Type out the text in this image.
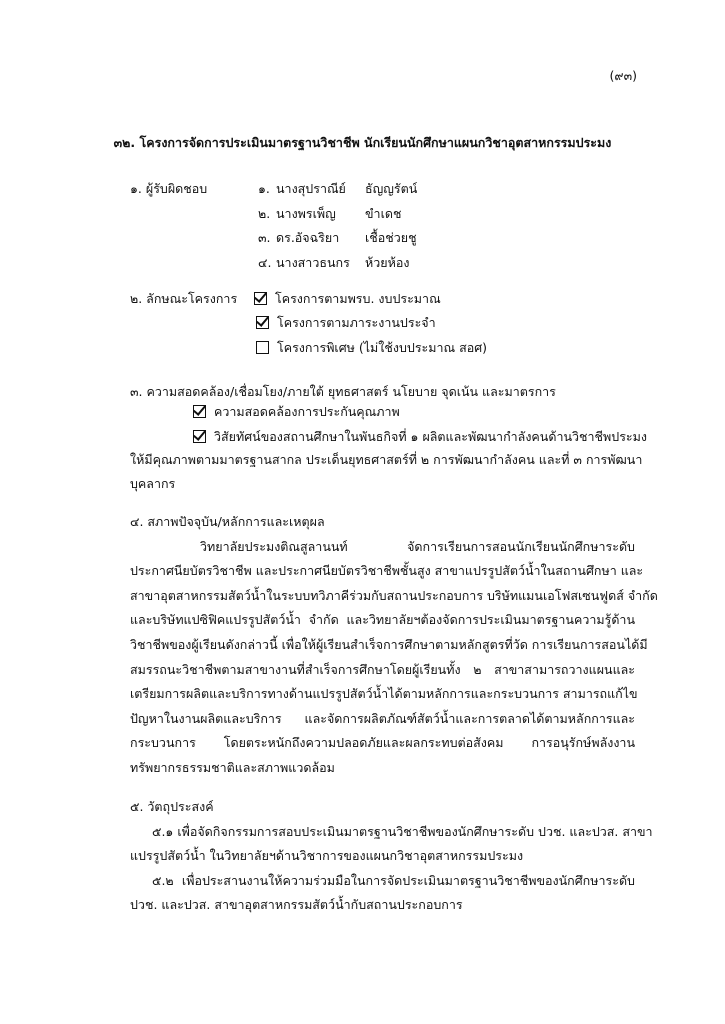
(๙๓)
๓๒. โครงการจัดการประเมินมาตรฐานวิชาชีพ นักเรียนนักศึกษาแผนกวิชาอุตสาหกรรมประมง
๑. ผู้รับผิดชอบ	๑. นางสุปราณีย์ ธัญญรัตน์
๒. นางพรเพ็ญ ขำเดช
๓. ดร.อัจฉริยา เชื้อช่วยชู
๔. นางสาวธนกร ห้วยห้อง
๒. ลักษณะโครงการ	โครงการตามพรบ. งบประมาณ
โครงการตามภาระงานประจำ
โครงการพิเศษ (ไม่ใช้งบประมาณ สอศ)
๓. ความสอดคล้อง/เชื่อมโยง/ภายใต้ ยุทธศาสตร์ นโยบาย จุดเน้น และมาตรการ
ความสอดคล้องการประกันคุณภาพ
วิสัยทัศน์ของสถานศึกษาในพันธกิจที่ ๑ ผลิตและพัฒนากำลังคนด้านวิชาชีพประมง
ให้มีคุณภาพตามมาตรฐานสากล ประเด็นยุทธศาสตร์ที่ ๒ การพัฒนากำลังคน และที่ ๓ การพัฒนา
บุคลากร
๔. สภาพปัจจุบัน/หลักการและเหตุผล
วิทยาลัยประมงติณสูลานนท์ จัดการเรียนการสอนนักเรียนนักศึกษาระดับ
ประกาศนียบัตรวิชาชีพ และประกาศนียบัตรวิชาชีพชั้นสูง สาขาแปรรูปสัตว์น้ำในสถานศึกษา และ
สาขาอุตสาหกรรมสัตว์น้ำในระบบทวิภาคีร่วมกับสถานประกอบการ บริษัทแมนเอโฟสเซนฟูดส์ จำกัด
และบริษัทแปซิฟิคแปรรูปสัตว์น้ำ จำกัด และวิทยาลัยฯต้องจัดการประเมินมาตรฐานความรู้ด้าน
วิชาชีพของผู้เรียนดังกล่าวนี้ เพื่อให้ผู้เรียนสำเร็จการศึกษาตามหลักสูตรที่วัด การเรียนการสอนได้มี
สมรรถนะวิชาชีพตามสาขางานที่สำเร็จการศึกษาโดยผู้เรียนทั้ง ๒ สาขาสามารถวางแผนและ
เตรียมการผลิตและบริการทางด้านแปรรูปสัตว์น้ำได้ตามหลักการและกระบวนการ สามารถแก้ไข
ปัญหาในงานผลิตและบริการ และจัดการผลิตภัณฑ์สัตว์น้ำและการตลาดได้ตามหลักการและ
กระบวนการ โดยตระหนักถึงความปลอดภัยและผลกระทบต่อสังคม การอนุรักษ์พลังงาน
ทรัพยากรธรรมชาติและสภาพแวดล้อม
๕. วัตถุประสงค์
๕.๑ เพื่อจัดกิจกรรมการสอบประเมินมาตรฐานวิชาชีพของนักศึกษาระดับ ปวช. และปวส. สาขา
แปรรูปสัตว์น้ำ ในวิทยาลัยฯด้านวิชาการของแผนกวิชาอุตสาหกรรมประมง
๕.๒ เพื่อประสานงานให้ความร่วมมือในการจัดประเมินมาตรฐานวิชาชีพของนักศึกษาระดับ
ปวช. และปวส. สาขาอุตสาหกรรมสัตว์น้ำกับสถานประกอบการ
